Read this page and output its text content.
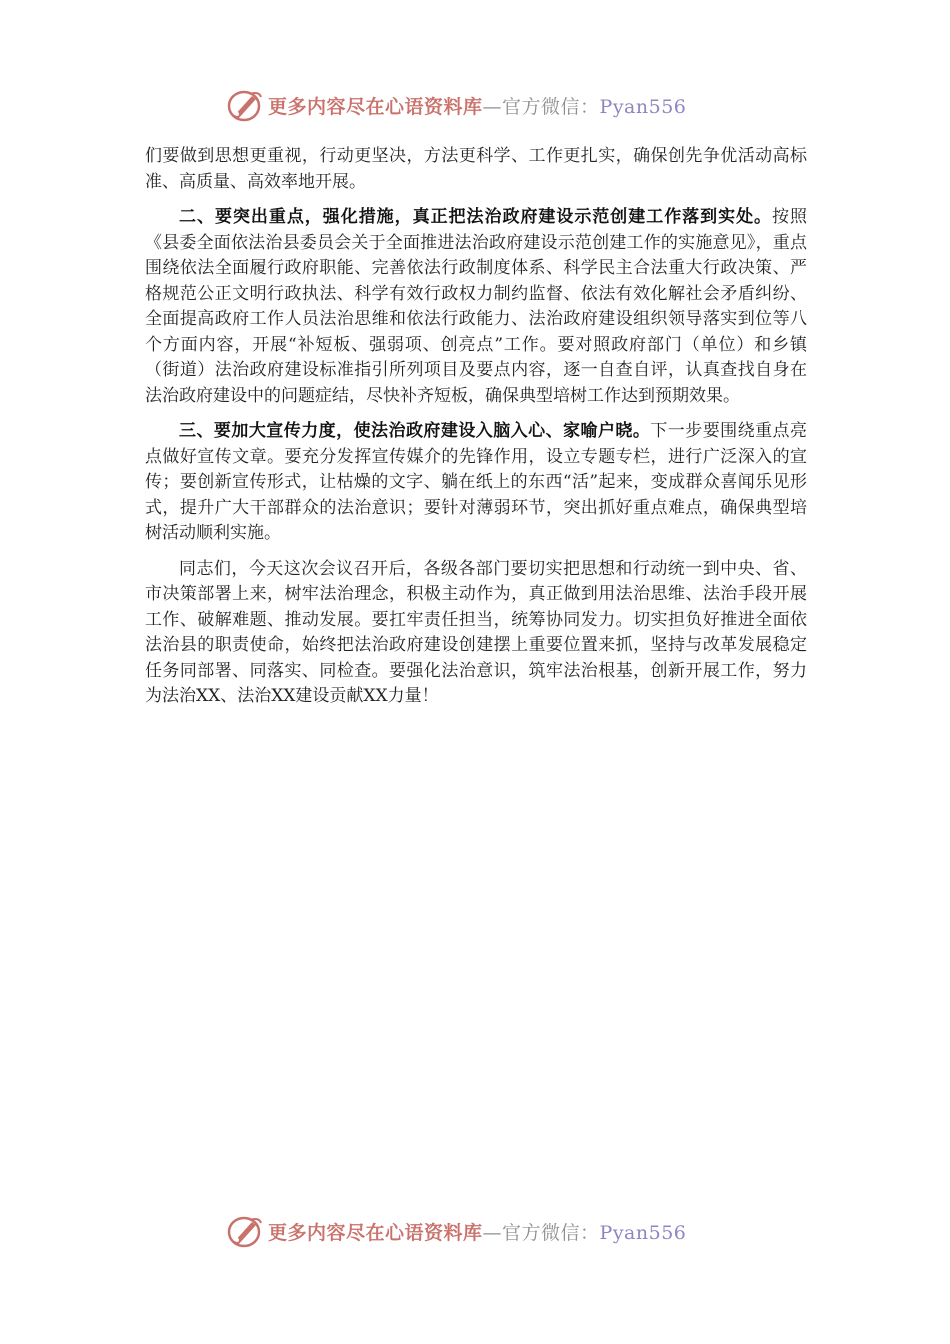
更多内容尽在心语资料库—官方微信：Pyan556

们要做到思想更重视，行动更坚决，方法更科学、工作更扎实，确保创先争优活动高标准、高质量、高效率地开展。

二、要突出重点，强化措施，真正把法治政府建设示范创建工作落到实处。按照《县委全面依法治县委员会关于全面推进法治政府建设示范创建工作的实施意见》，重点围绕依法全面履行政府职能、完善依法行政制度体系、科学民主合法重大行政决策、严格规范公正文明行政执法、科学有效行政权力制约监督、依法有效化解社会矛盾纠纷、全面提高政府工作人员法治思维和依法行政能力、法治政府建设组织领导落实到位等八个方面内容，开展“补短板、强弱项、创亮点”工作。要对照政府部门（单位）和乡镇（街道）法治政府建设标准指引所列项目及要点内容，逐一自查自评，认真查找自身在法治政府建设中的问题症结，尽快补齐短板，确保典型培树工作达到预期效果。

三、要加大宣传力度，使法治政府建设入脑入心、家喻户晓。下一步要围绕重点亮点做好宣传文章。要充分发挥宣传媒介的先锋作用，设立专题专栏，进行广泛深入的宣传；要创新宣传形式，让枯燥的文字、躺在纸上的东西“活”起来，变成群众喜闻乐见形式，提升广大干部群众的法治意识；要针对薄弱环节，突出抓好重点难点，确保典型培树活动顺利实施。

同志们，今天这次会议召开后，各级各部门要切实把思想和行动统一到中央、省、市决策部署上来，树牢法治理念，积极主动作为，真正做到用法治思维、法治手段开展工作、破解难题、推动发展。要扛牢责任担当，统筹协同发力。切实担负好推进全面依法治县的职责使命，始终把法治政府建设创建摆上重要位置来抓，坚持与改革发展稳定任务同部署、同落实、同检查。要强化法治意识，筑牢法治根基，创新开展工作，努力为法治XX、法治XX建设贡献XX力量！

更多内容尽在心语资料库—官方微信：Pyan556
